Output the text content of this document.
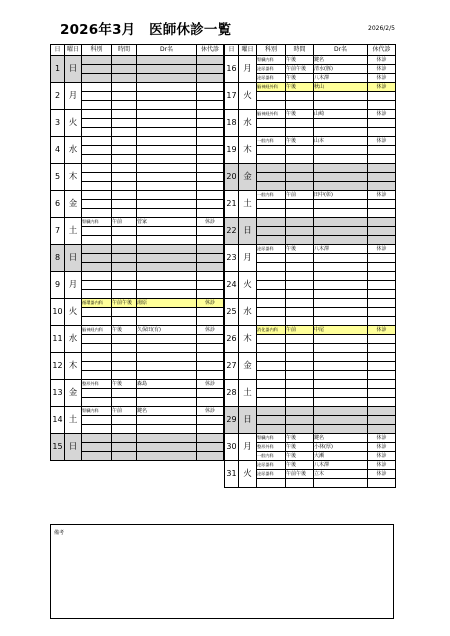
2026年3月　医師休診一覧	2026/2/5
日	曜日	科別	時間	Dr名	休代診
1	日				

2	月				

3	火				

4	水				

5	木				

6	金				

7	土	腎臓内科	午前	菅家	休診

8	日				

9	月				

10	火	循環器内科	午前午後	湯原	休診

11	水	脳神経内科	午後	久保田(有)	休診

12	木				

13	金	整形外科	午後	森島	休診

14	土	腎臓内科	午前	鍵名	休診

15	日				

日	曜日	科別	時間	Dr名	休代診
16	月	腎臓内科	午後	鍵名	休診
		泌尿器科	午前午後	清水(豚)	休診
		泌尿器科	午後	八木澤	休診
17	火	脳神経外科	午後	秋山	休診

18	水	脳神経外科	午後	山崎	休診

19	木	一般内科	午後	山本	休診

20	金				

21	土	一般内科	午前	田中(彰)	休診

22	日				

23	月	泌尿器科	午後	八木澤	休診

24	火				

25	水				

26	木	消化器内科	午前	中尾	休診

27	金				

28	土				

29	日				

30	月	腎臓内科	午後	鍵名	休診
		整形外科	午後	小林(厚)	休診
		一般内科	午後	大瀬	休診
31	火	泌尿器科	午後	八木澤	休診
		泌尿器科	午前午後	立木	休診

備考
